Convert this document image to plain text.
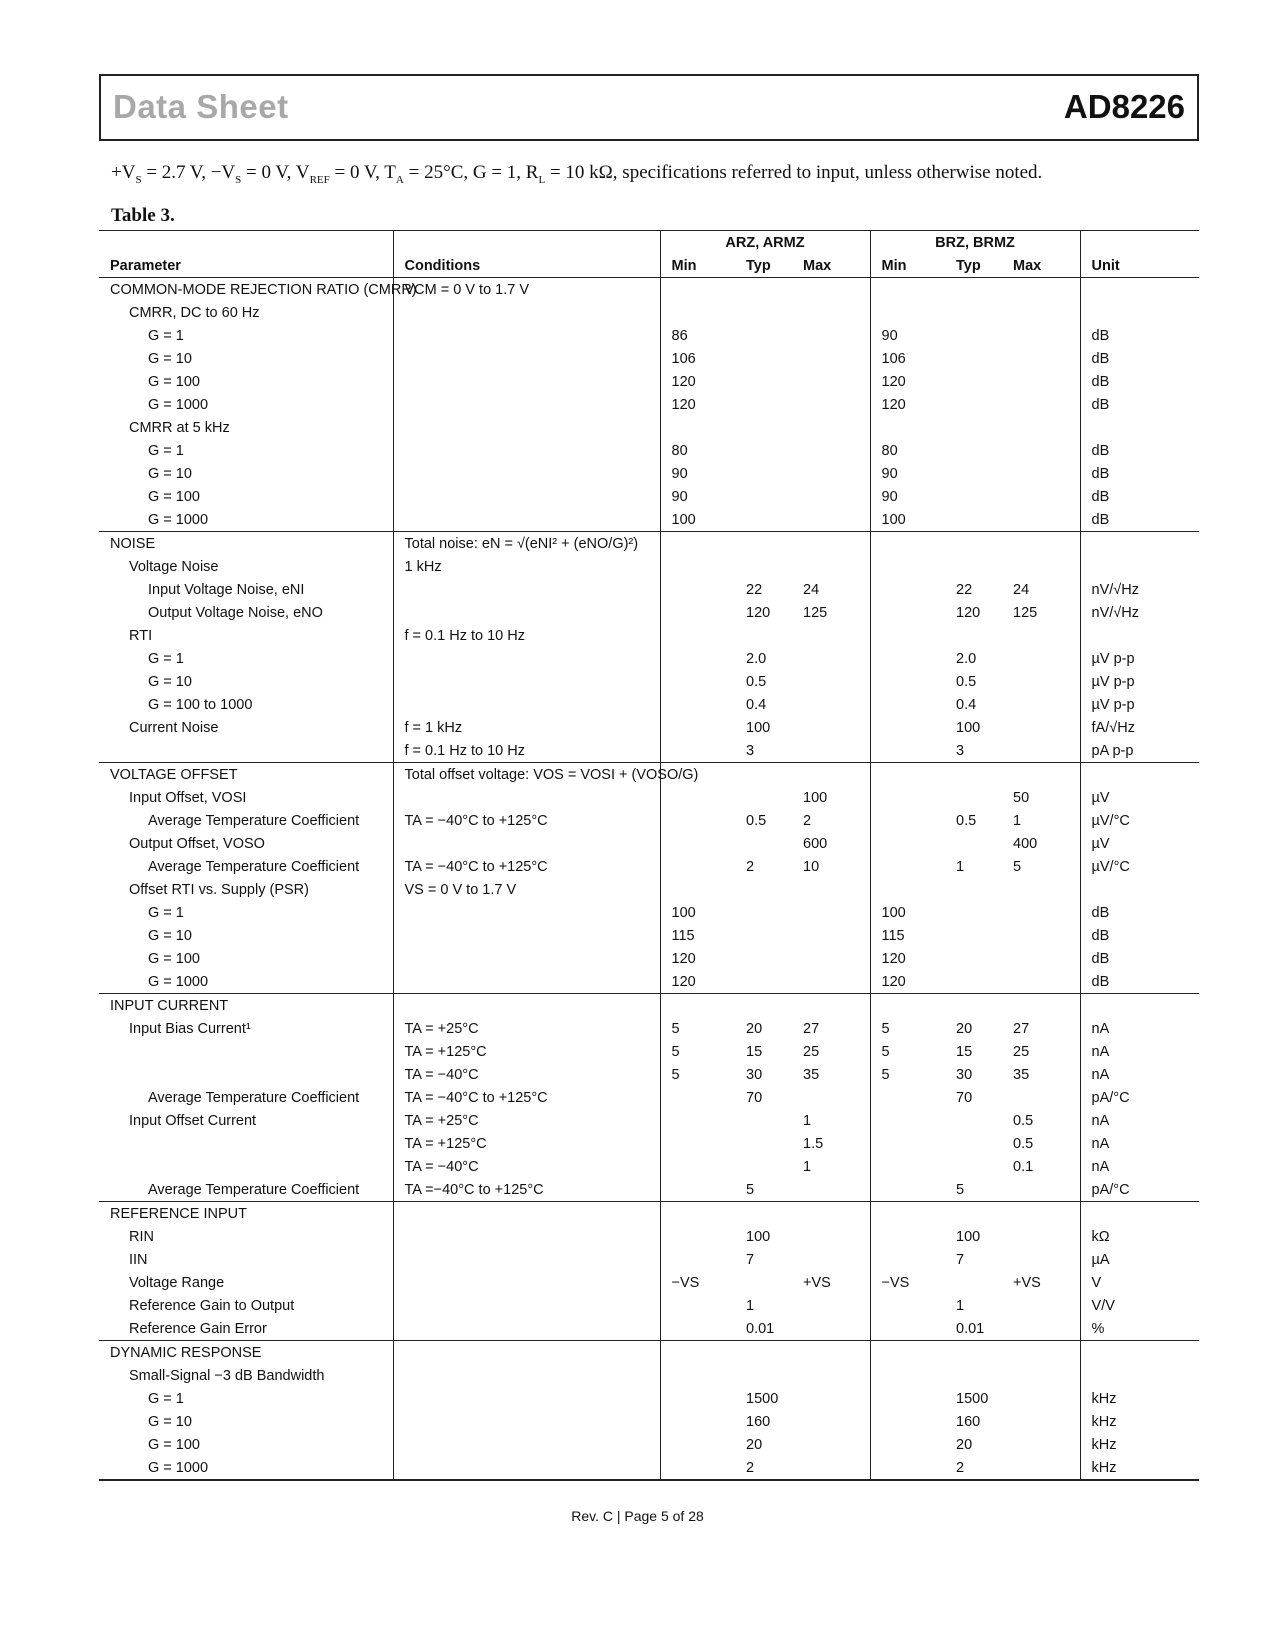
Data Sheet	AD8226
$+V_S = 2.7$ V, $-V_S = 0$ V, $V_{REF} = 0$ V, $T_A = 25^\circ C$, G = 1, $R_L = 10$ kΩ, specifications referred to input, unless otherwise noted.
Table 3.
		ARZ, ARMZ			BRZ, BRMZ			
Parameter	Conditions	Min	Typ	Max	Min	Typ	Max	Unit
COMMON-MODE REJECTION RATIO (CMRR)	VCM = 0 V to 1.7 V							
CMRR, DC to 60 Hz								
G = 1		86			90			dB
G = 10		106			106			dB
G = 100		120			120			dB
G = 1000		120			120			dB
CMRR at 5 kHz								
G = 1		80			80			dB
G = 10		90			90			dB
G = 100		90			90			dB
G = 1000		100			100			dB
NOISE	Total noise: eN = √(eNI² + (eNO/G)²)							
Voltage Noise	1 kHz							
Input Voltage Noise, eNI			22	24		22	24	nV/√Hz
Output Voltage Noise, eNO			120	125		120	125	nV/√Hz
RTI	f = 0.1 Hz to 10 Hz							
G = 1			2.0			2.0		µV p-p
G = 10			0.5			0.5		µV p-p
G = 100 to 1000			0.4			0.4		µV p-p
Current Noise	f = 1 kHz		100			100		fA/√Hz
	f = 0.1 Hz to 10 Hz		3			3		pA p-p
VOLTAGE OFFSET	Total offset voltage: VOS = VOSI + (VOSO/G)							
Input Offset, VOSI				100			50	µV
Average Temperature Coefficient	TA = −40°C to +125°C		0.5	2		0.5	1	µV/°C
Output Offset, VOSO				600			400	µV
Average Temperature Coefficient	TA = −40°C to +125°C		2	10		1	5	µV/°C
Offset RTI vs. Supply (PSR)	VS = 0 V to 1.7 V							
G = 1		100			100			dB
G = 10		115			115			dB
G = 100		120			120			dB
G = 1000		120			120			dB
INPUT CURRENT								
Input Bias Current¹	TA = +25°C	5	20	27	5	20	27	nA
	TA = +125°C	5	15	25	5	15	25	nA
	TA = −40°C	5	30	35	5	30	35	nA
Average Temperature Coefficient	TA = −40°C to +125°C		70			70		pA/°C
Input Offset Current	TA = +25°C			1			0.5	nA
	TA = +125°C			1.5			0.5	nA
	TA = −40°C			1			0.1	nA
Average Temperature Coefficient	TA =−40°C to +125°C		5			5		pA/°C
REFERENCE INPUT								
RIN			100			100		kΩ
IIN			7			7		µA
Voltage Range		−VS		+VS	−VS		+VS	V
Reference Gain to Output			1			1		V/V
Reference Gain Error			0.01			0.01		%
DYNAMIC RESPONSE								
Small-Signal −3 dB Bandwidth								
G = 1			1500			1500		kHz
G = 10			160			160		kHz
G = 100			20			20		kHz
G = 1000			2			2		kHz
Rev. C | Page 5 of 28
